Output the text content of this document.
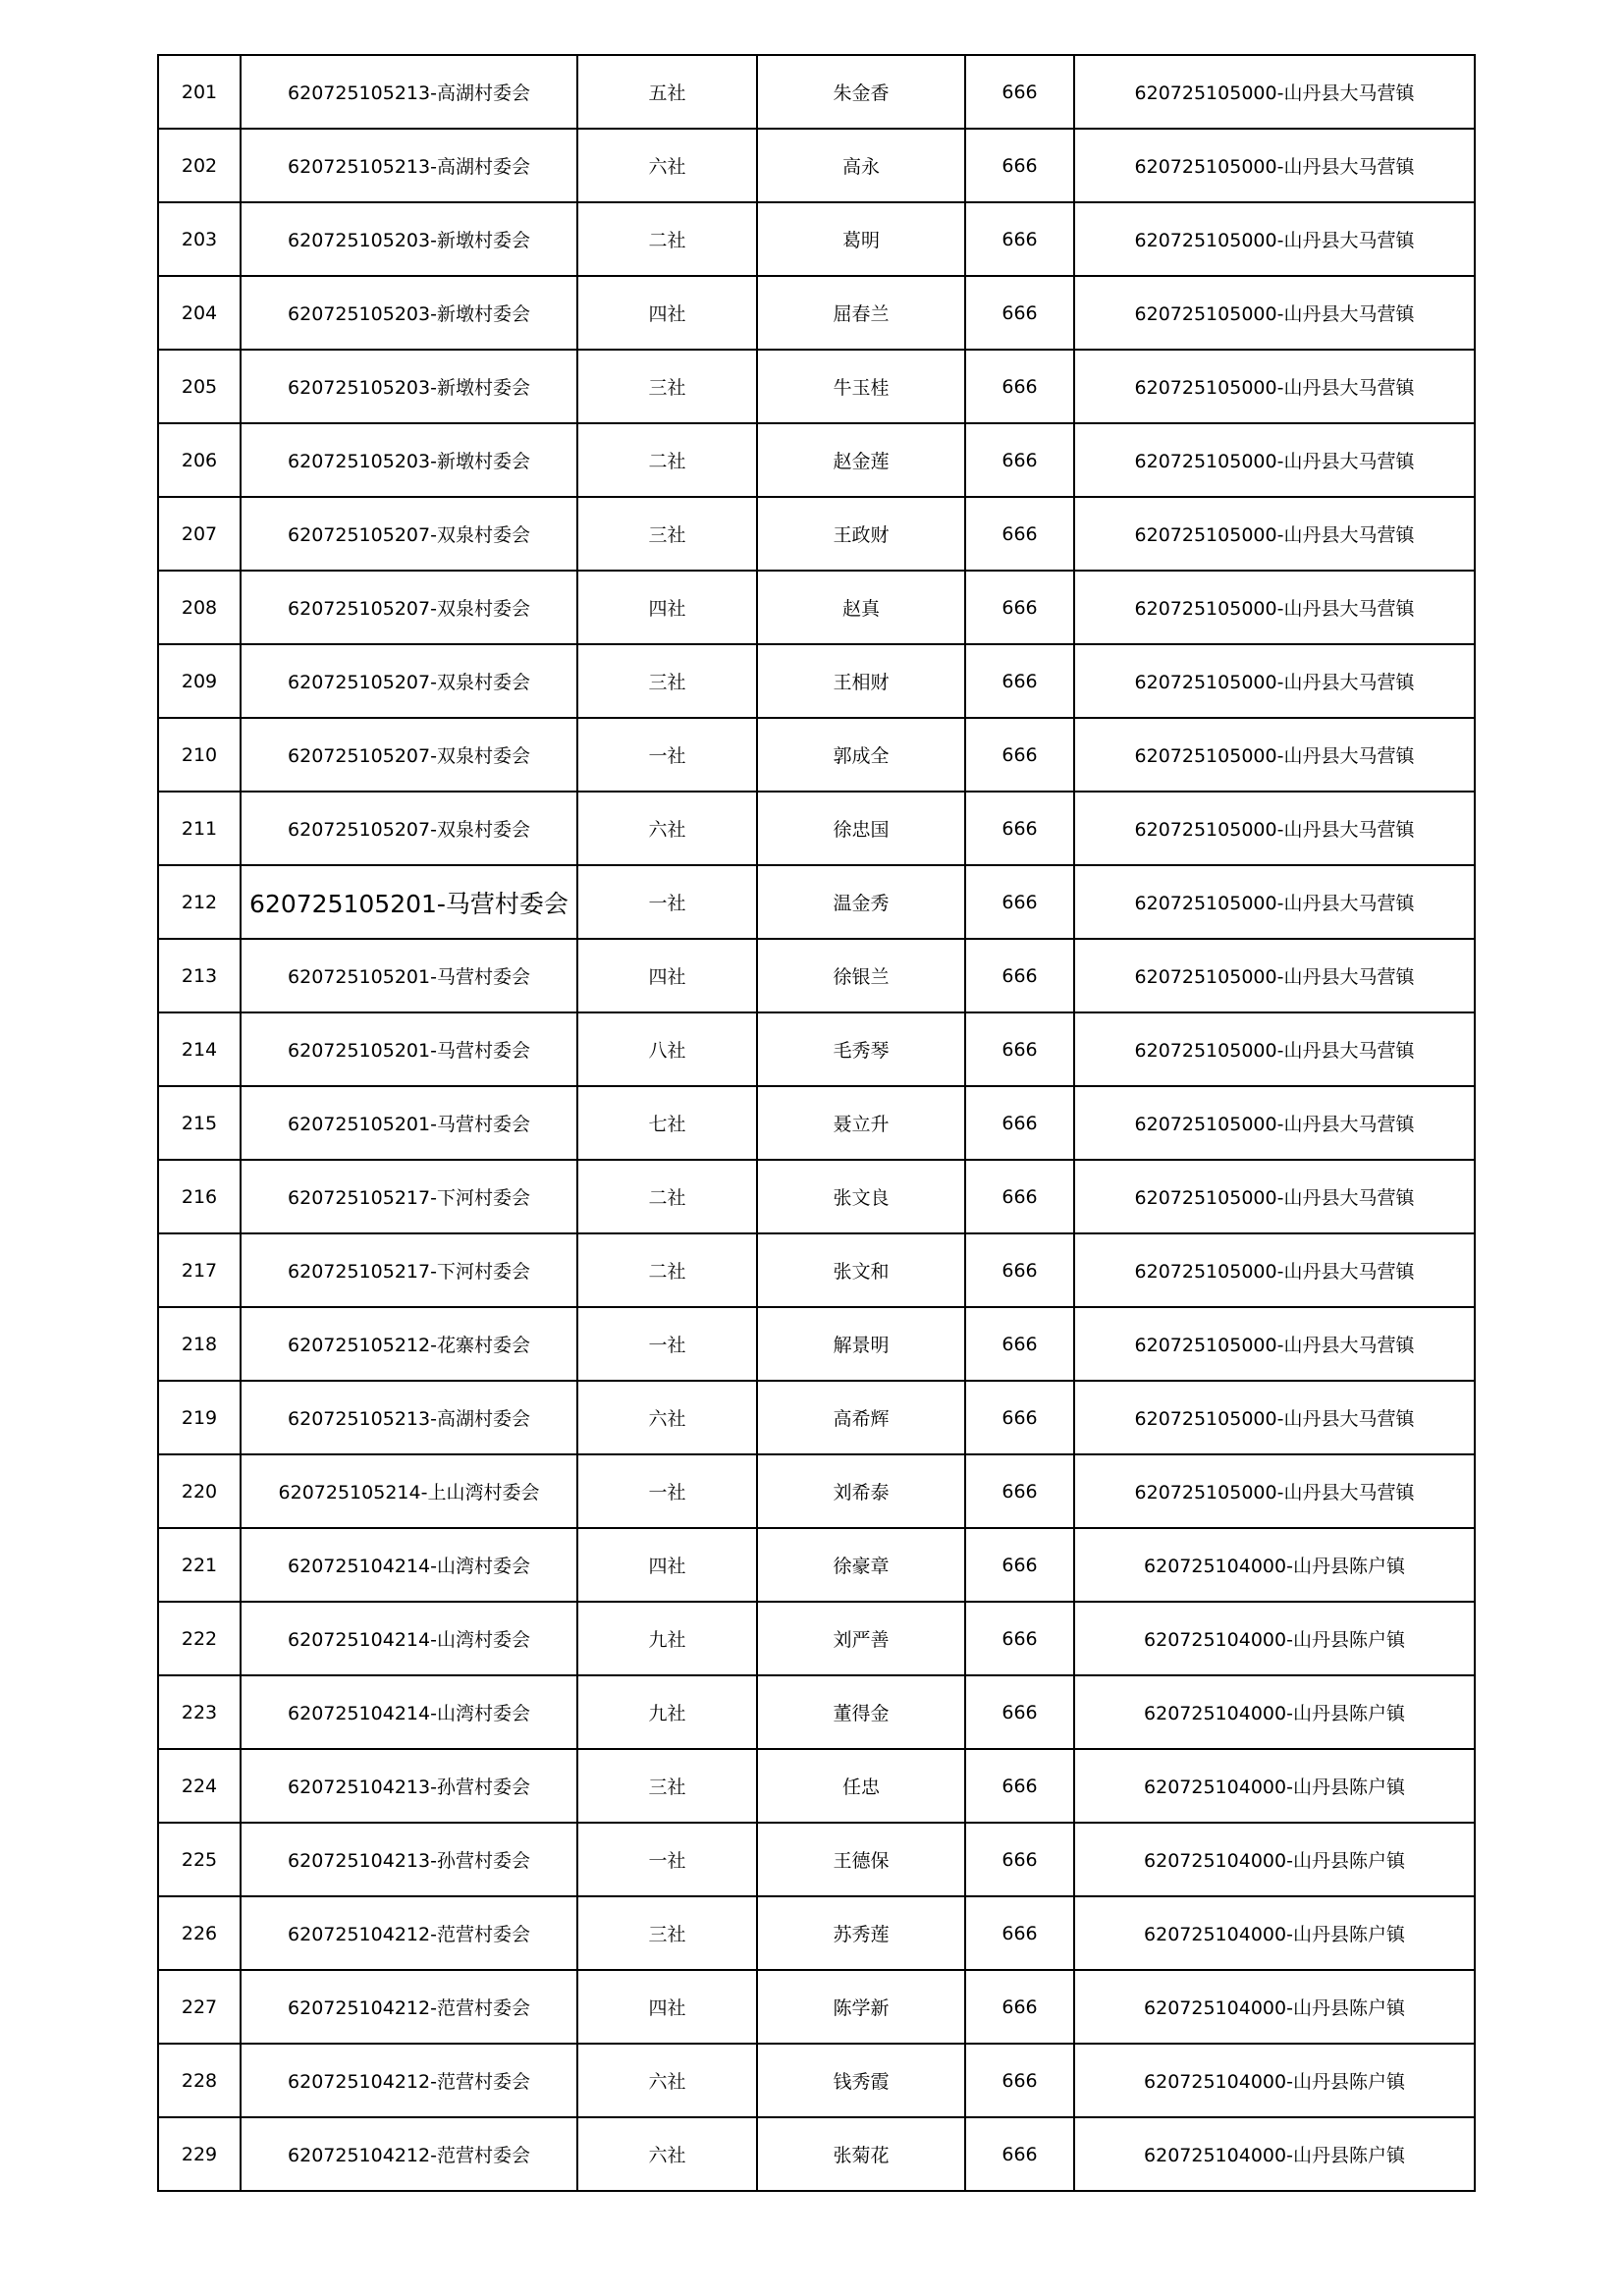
201	620725105213-高湖村委会	五社	朱金香	666	620725105000-山丹县大马营镇
202	620725105213-高湖村委会	六社	高永	666	620725105000-山丹县大马营镇
203	620725105203-新墩村委会	二社	葛明	666	620725105000-山丹县大马营镇
204	620725105203-新墩村委会	四社	屈春兰	666	620725105000-山丹县大马营镇
205	620725105203-新墩村委会	三社	牛玉桂	666	620725105000-山丹县大马营镇
206	620725105203-新墩村委会	二社	赵金莲	666	620725105000-山丹县大马营镇
207	620725105207-双泉村委会	三社	王政财	666	620725105000-山丹县大马营镇
208	620725105207-双泉村委会	四社	赵真	666	620725105000-山丹县大马营镇
209	620725105207-双泉村委会	三社	王相财	666	620725105000-山丹县大马营镇
210	620725105207-双泉村委会	一社	郭成全	666	620725105000-山丹县大马营镇
211	620725105207-双泉村委会	六社	徐忠国	666	620725105000-山丹县大马营镇
212	620725105201-马营村委会	一社	温金秀	666	620725105000-山丹县大马营镇
213	620725105201-马营村委会	四社	徐银兰	666	620725105000-山丹县大马营镇
214	620725105201-马营村委会	八社	毛秀琴	666	620725105000-山丹县大马营镇
215	620725105201-马营村委会	七社	聂立升	666	620725105000-山丹县大马营镇
216	620725105217-下河村委会	二社	张文良	666	620725105000-山丹县大马营镇
217	620725105217-下河村委会	二社	张文和	666	620725105000-山丹县大马营镇
218	620725105212-花寨村委会	一社	解景明	666	620725105000-山丹县大马营镇
219	620725105213-高湖村委会	六社	高希辉	666	620725105000-山丹县大马营镇
220	620725105214-上山湾村委会	一社	刘希泰	666	620725105000-山丹县大马营镇
221	620725104214-山湾村委会	四社	徐豪章	666	620725104000-山丹县陈户镇
222	620725104214-山湾村委会	九社	刘严善	666	620725104000-山丹县陈户镇
223	620725104214-山湾村委会	九社	董得金	666	620725104000-山丹县陈户镇
224	620725104213-孙营村委会	三社	任忠	666	620725104000-山丹县陈户镇
225	620725104213-孙营村委会	一社	王德保	666	620725104000-山丹县陈户镇
226	620725104212-范营村委会	三社	苏秀莲	666	620725104000-山丹县陈户镇
227	620725104212-范营村委会	四社	陈学新	666	620725104000-山丹县陈户镇
228	620725104212-范营村委会	六社	钱秀霞	666	620725104000-山丹县陈户镇
229	620725104212-范营村委会	六社	张菊花	666	620725104000-山丹县陈户镇
